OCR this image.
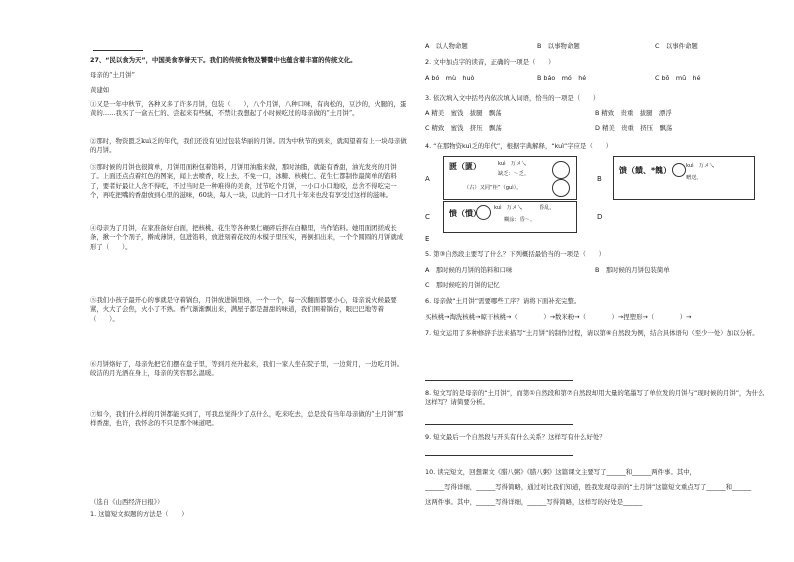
27、“民以食为天”，中国美食享誉天下。我们的传统食物及饕餮中也蕴含着丰富的传统文化。
母亲的“土月饼”
黄建如
①又是一年中秋节，各种又多了许多月饼，包装（　　），八个月饼，八种口味，有肉松的，豆沙的，火腿的，蛋黄的……我买了一盒五仁的、尝起来有些腻，不禁让我想起了小时候吃过的母亲做的“土月饼”。
②那时，物资匮乏kuì乏的年代，我们还没有见过包装华丽的月饼。因为中秋节的到来，就渴望着有上一块母亲做的月饼。
③那时候的月饼也很简单，月饼用面粉包着馅料，月饼用油脂来做，那时油脂，就能有香甜，油光发亮的月饼了。上面还点点着红色的图案，闻上去喷香，咬上去，不免一口，冰糖、核桃仁、花生仁都制作最简单的馅料了，要者好最让人舍不得吃，不过当时是一种难得的美食，过节吃个月饼，一小口小口地咬，总舍不得吃完一个，再吃把嘴的香甜放到心里的滋味，60块，每人一块，以此的一口才几十年来也没有享受过这样的滋味。
④母亲为了月饼，在家准备好白面，把核桃、花生等各种果仁碾碎后拌在白糖里，当作馅料。她用面团搓成长条，揪一个个剂子，擀成薄饼，包进馅料，放进刻着花纹的木模子里压实，再倒扣出来，一个个圆圆的月饼就成形了（　　）。
⑤我们小孩子最开心的事就是守着锅台，月饼放进锅里烙，一个一个，每一次翻面都要小心，母亲说火候最要紧，火大了会焦，火小了不熟。香气渐渐飘出来，满屋子都是甜甜的味道，我们围着锅台，眼巴巴地等着（　　）。
⑥月饼烙好了，母亲先把它们摆在盘子里，等到月亮升起来，我们一家人坐在院子里，一边赏月，一边吃月饼。皎洁的月光洒在身上，母亲的笑容那么温暖。
⑦如今，我们什么样的月饼都能买到了，可我总觉得少了点什么，吃来吃去，总是没有当年母亲做的“土月饼”那样香甜，也许，我怀念的不只是那个味道吧。
（选自《山西经济日报》）
1. 这篇短文拟题的方法是（　　）
A　以人物命题	B　以事物命题	C　以事件命题
2. 文中加点字的读音，正确的一项是（　　）
A bó　mù　huò	B báo　mó　hé	C bō　mū　hé
3. 依次填入文中括号内依次填入词语，恰当的一项是（　　）
A 精美　蜜饯　拔腿　飘荡	B 精致　贵重　拔腿　漂浮
C 精致　蜜饯　挤压　飘荡	D 精美　贵重　挤压　飘荡
4. “在那物资kuì乏的年代”，根据字典解释，“kuì”字应是（　　）
A
匮（匱）	kuì　万メ乀
缺乏：～乏。
（古）又同“柜”（guì）。
B
馈（饋、*餽）	kuì　万メ乀
赠送。
C 愦（憒）
kuì　万メ乀	昏乱，
糊涂：昏～。	D
E
5. 第③自然段主要写了什么？下列概括最恰当的一项是（　　）
A　那时候的月饼的馅料和口味	B　那时候的月饼包装简单
C　那时候吃的月饼的记忆
6. 母亲做“土月饼”需要哪些工序？请将下面补充完整。
买核桃→淘洗核桃→晾干核桃→（　　　　）→数米粉→（　　　　）→捏塑形→（　　　　）→
7. 短文运用了多种修辞手法来描写“土月饼”的制作过程，请以第⑥自然段为例，结合具体语句（至少一处）加以分析。
8. 短文写的是母亲的“土月饼”，而第①自然段和第⑦自然段却用大量的笔墨写了单位发的月饼与“现时候的月饼”，为什么这样写？请简要分析。
9. 短文最后一个自然段与开头有什么关系？这样写有什么好处？
10. 读完短文，回想课文《腊八粥》《腊八粥》这篇课文主要写了______和______两件事。其中，
______写得详细，______写得简略，通过对比我们知道，胜我发现母亲的“土月饼”这篇短文重点写了______和______
这两件事。其中，______写得详细，______写得简略，这样写的好处是______
